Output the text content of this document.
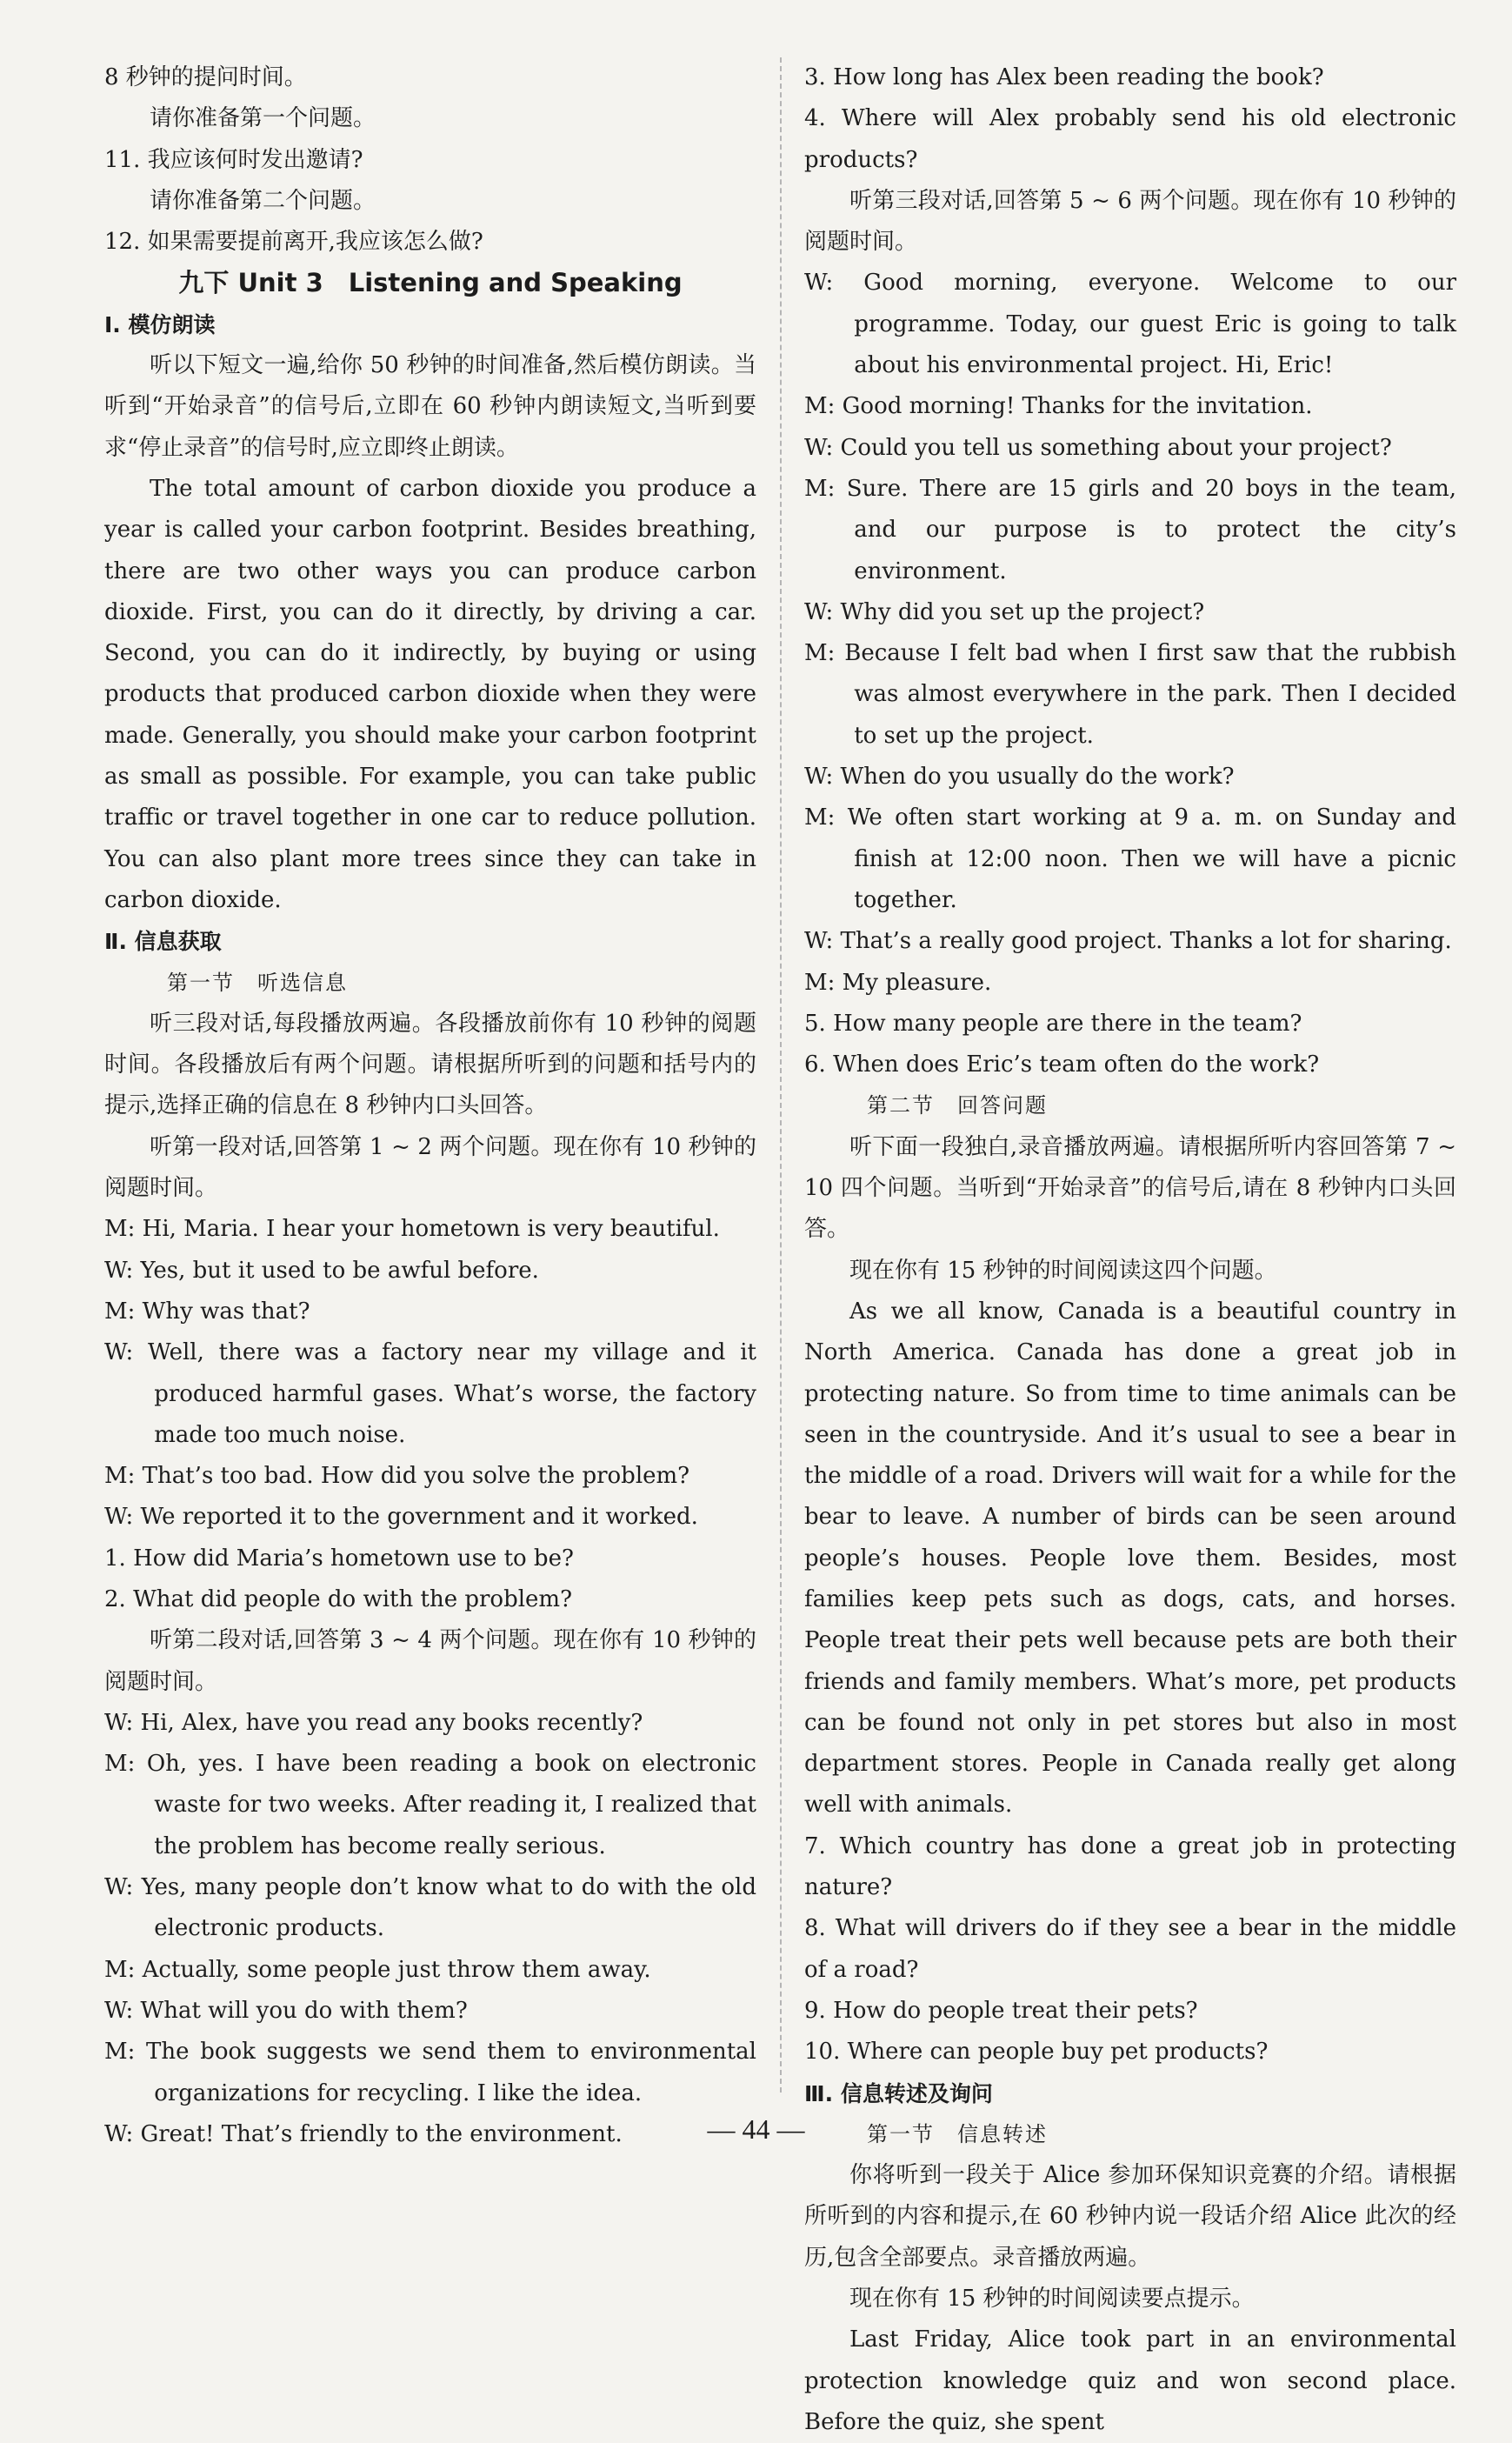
8 秒钟的提问时间。
请你准备第一个问题。
11. 我应该何时发出邀请?
请你准备第二个问题。
12. 如果需要提前离开,我应该怎么做?
九下 Unit 3　Listening and Speaking
Ⅰ. 模仿朗读
听以下短文一遍,给你 50 秒钟的时间准备,然后模仿朗读。当听到“开始录音”的信号后,立即在 60 秒钟内朗读短文,当听到要求“停止录音”的信号时,应立即终止朗读。
The total amount of carbon dioxide you produce a year is called your carbon footprint. Besides breathing, there are two other ways you can produce carbon dioxide. First, you can do it directly, by driving a car. Second, you can do it indirectly, by buying or using products that produced carbon dioxide when they were made. Generally, you should make your carbon footprint as small as possible. For example, you can take public traffic or travel together in one car to reduce pollution. You can also plant more trees since they can take in carbon dioxide.
Ⅱ. 信息获取
第一节　听选信息
听三段对话,每段播放两遍。各段播放前你有 10 秒钟的阅题时间。各段播放后有两个问题。请根据所听到的问题和括号内的提示,选择正确的信息在 8 秒钟内口头回答。
听第一段对话,回答第 1 ~ 2 两个问题。现在你有 10 秒钟的阅题时间。
M: Hi, Maria. I hear your hometown is very beautiful.
W: Yes, but it used to be awful before.
M: Why was that?
W: Well, there was a factory near my village and it produced harmful gases. What’s worse, the factory made too much noise.
M: That’s too bad. How did you solve the problem?
W: We reported it to the government and it worked.
1. How did Maria’s hometown use to be?
2. What did people do with the problem?
听第二段对话,回答第 3 ~ 4 两个问题。现在你有 10 秒钟的阅题时间。
W: Hi, Alex, have you read any books recently?
M: Oh, yes. I have been reading a book on electronic waste for two weeks. After reading it, I realized that the problem has become really serious.
W: Yes, many people don’t know what to do with the old electronic products.
M: Actually, some people just throw them away.
W: What will you do with them?
M: The book suggests we send them to environmental organizations for recycling. I like the idea.
W: Great! That’s friendly to the environment.
3. How long has Alex been reading the book?
4. Where will Alex probably send his old electronic products?
听第三段对话,回答第 5 ~ 6 两个问题。现在你有 10 秒钟的阅题时间。
W: Good morning, everyone. Welcome to our programme. Today, our guest Eric is going to talk about his environmental project. Hi, Eric!
M: Good morning! Thanks for the invitation.
W: Could you tell us something about your project?
M: Sure. There are 15 girls and 20 boys in the team, and our purpose is to protect the city’s environment.
W: Why did you set up the project?
M: Because I felt bad when I first saw that the rubbish was almost everywhere in the park. Then I decided to set up the project.
W: When do you usually do the work?
M: We often start working at 9 a. m. on Sunday and finish at 12:00 noon. Then we will have a picnic together.
W: That’s a really good project. Thanks a lot for sharing.
M: My pleasure.
5. How many people are there in the team?
6. When does Eric’s team often do the work?
第二节　回答问题
听下面一段独白,录音播放两遍。请根据所听内容回答第 7 ~ 10 四个问题。当听到“开始录音”的信号后,请在 8 秒钟内口头回答。
现在你有 15 秒钟的时间阅读这四个问题。
As we all know, Canada is a beautiful country in North America. Canada has done a great job in protecting nature. So from time to time animals can be seen in the countryside. And it’s usual to see a bear in the middle of a road. Drivers will wait for a while for the bear to leave. A number of birds can be seen around people’s houses. People love them. Besides, most families keep pets such as dogs, cats, and horses. People treat their pets well because pets are both their friends and family members. What’s more, pet products can be found not only in pet stores but also in most department stores. People in Canada really get along well with animals.
7. Which country has done a great job in protecting nature?
8. What will drivers do if they see a bear in the middle of a road?
9. How do people treat their pets?
10. Where can people buy pet products?
Ⅲ. 信息转述及询问
第一节　信息转述
你将听到一段关于 Alice 参加环保知识竞赛的介绍。请根据所听到的内容和提示,在 60 秒钟内说一段话介绍 Alice 此次的经历,包含全部要点。录音播放两遍。
现在你有 15 秒钟的时间阅读要点提示。
Last Friday, Alice took part in an environmental protection knowledge quiz and won second place. Before the quiz, she spent
— 44 —
